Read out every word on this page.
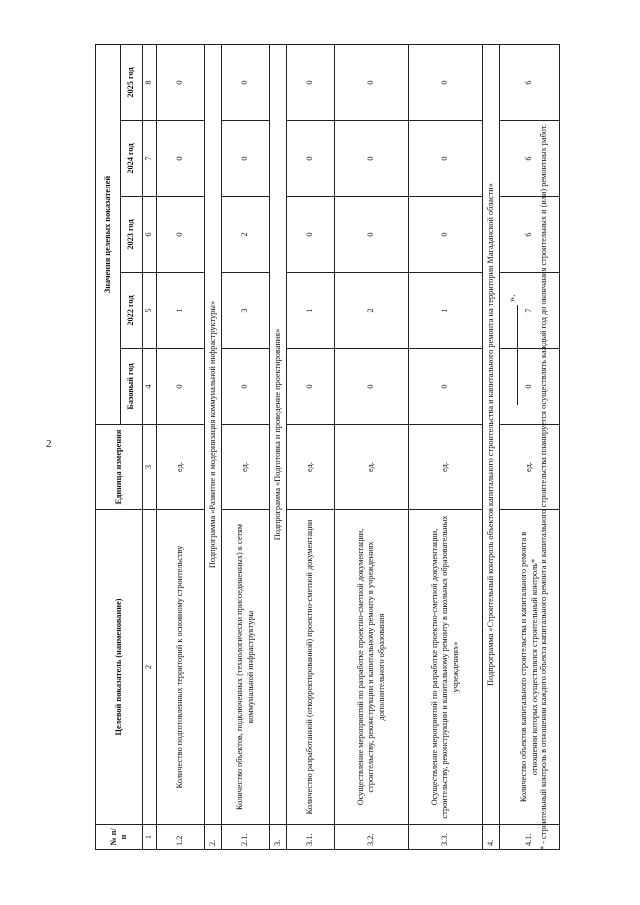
2
№ п/п	Целевой показатель (наименование)	Единица измерения	Значения целевых показателей				
			Базовый год	2022 год	2023 год	2024 год	2025 год
1	2	3	4	5	6	7	8
1.2	Количество подготовленных территорий к основному строительству	ед.	0	1	0	0	0
2.	Подпрограмма «Развитие и модернизация коммунальной инфраструктуры»						
2.1.	Количество объектов, подключенных (технологически присоединенных) к сетям коммунальной инфраструктуры	ед.	0	3	2	0	0
3.	Подпрограмма «Подготовка и проведение проектирования»						
3.1.	Количество разработанной (откорректированной) проектно-сметной документации	ед.	0	1	0	0	0
3.2.	Осуществление мероприятий по разработке проектно-сметной документации, строительству, реконструкции и капитальному ремонту в учреждениях дополнительного образования	ед.	0	2	0	0	0
3.3.	Осуществление мероприятий по разработке проектно-сметной документации, строительству, реконструкции и капитальному ремонту в школьных образовательных учреждениях»	ед.	0	1	0	0	0
4.	Подпрограмма «Строительный контроль объектов капитального строительства и капитального ремонта на территории Магаданской области»						
4.1.	Количество объектов капитального строительства и капитального ремонта в отношении которых осуществлялся строительный контроль*	ед.	0	7	6	6	6
».	* - строительный контроль в отношении каждого объекта капитального ремонта и капитального строительства планируется осуществлять каждый год до окончания строительных и (или) ремонтных работ.
